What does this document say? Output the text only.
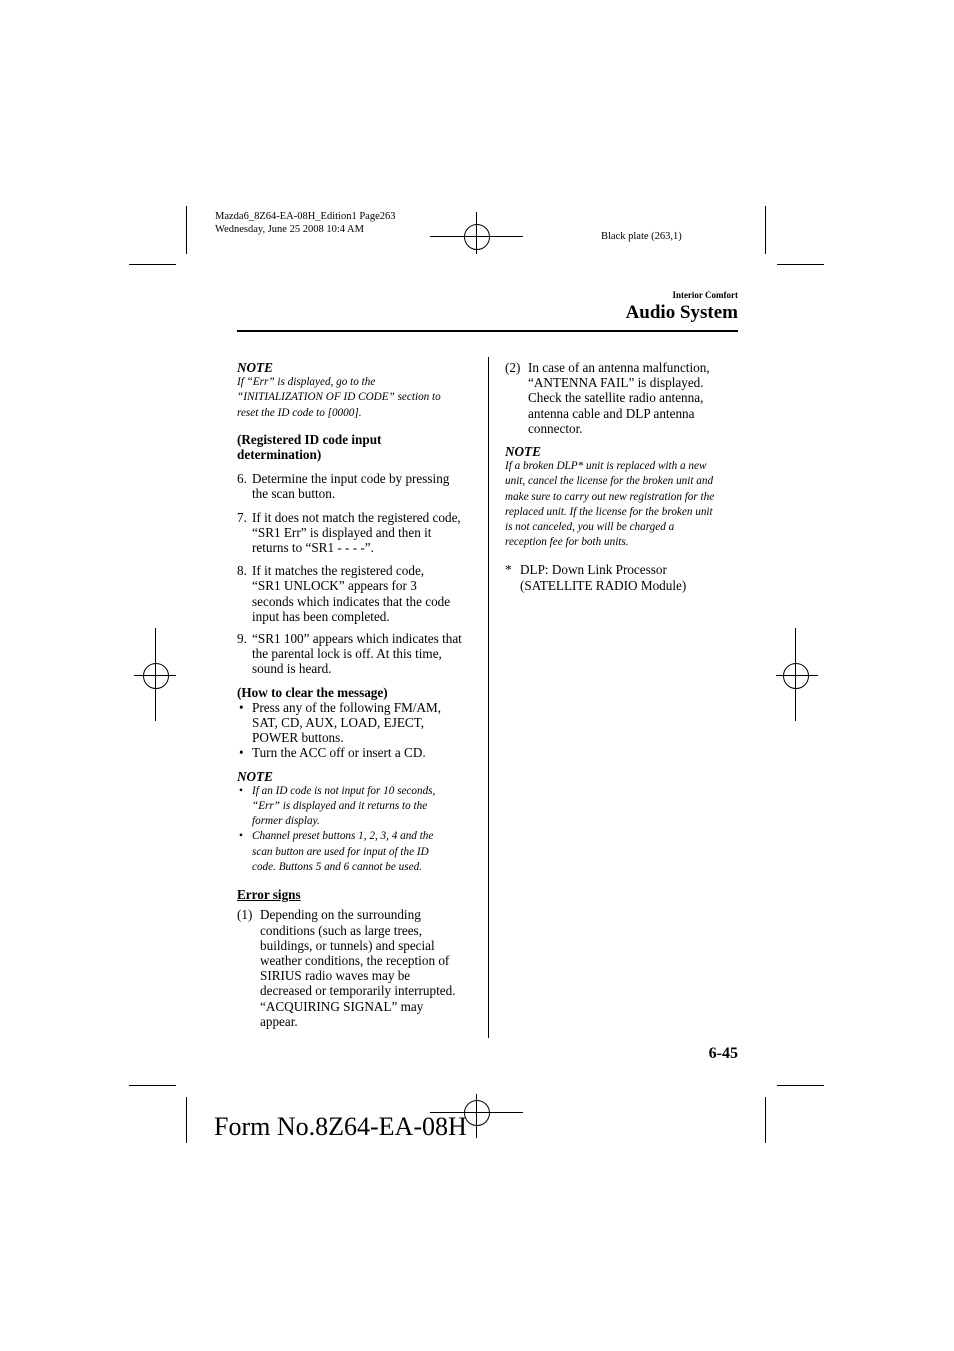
Mazda6_8Z64-EA-08H_Edition1 Page263
Wednesday, June 25 2008 10:4 AM
Black plate (263,1)
Interior Comfort
Audio System
NOTE
If “Err” is displayed, go to the
“INITIALIZATION OF ID CODE” section to
reset the ID code to [0000].
(Registered ID code input
determination)
6. Determine the input code by pressing
the scan button.
7. If it does not match the registered code,
“SR1 Err” is displayed and then it
returns to “SR1 - - - -”.
8. If it matches the registered code,
“SR1 UNLOCK” appears for 3
seconds which indicates that the code
input has been completed.
9. “SR1 100” appears which indicates that
the parental lock is off. At this time,
sound is heard.
(How to clear the message)
• Press any of the following FM/AM,
SAT, CD, AUX, LOAD, EJECT,
POWER buttons.
• Turn the ACC off or insert a CD.
NOTE
• If an ID code is not input for 10 seconds,
“Err” is displayed and it returns to the
former display.
• Channel preset buttons 1, 2, 3, 4 and the
scan button are used for input of the ID
code. Buttons 5 and 6 cannot be used.
Error signs
(1) Depending on the surrounding
conditions (such as large trees,
buildings, or tunnels) and special
weather conditions, the reception of
SIRIUS radio waves may be
decreased or temporarily interrupted.
“ACQUIRING SIGNAL” may
appear.
(2) In case of an antenna malfunction,
“ANTENNA FAIL” is displayed.
Check the satellite radio antenna,
antenna cable and DLP antenna
connector.
NOTE
If a broken DLP* unit is replaced with a new
unit, cancel the license for the broken unit and
make sure to carry out new registration for the
replaced unit. If the license for the broken unit
is not canceled, you will be charged a
reception fee for both units.
* DLP: Down Link Processor
(SATELLITE RADIO Module)
6-45
Form No.8Z64-EA-08H
